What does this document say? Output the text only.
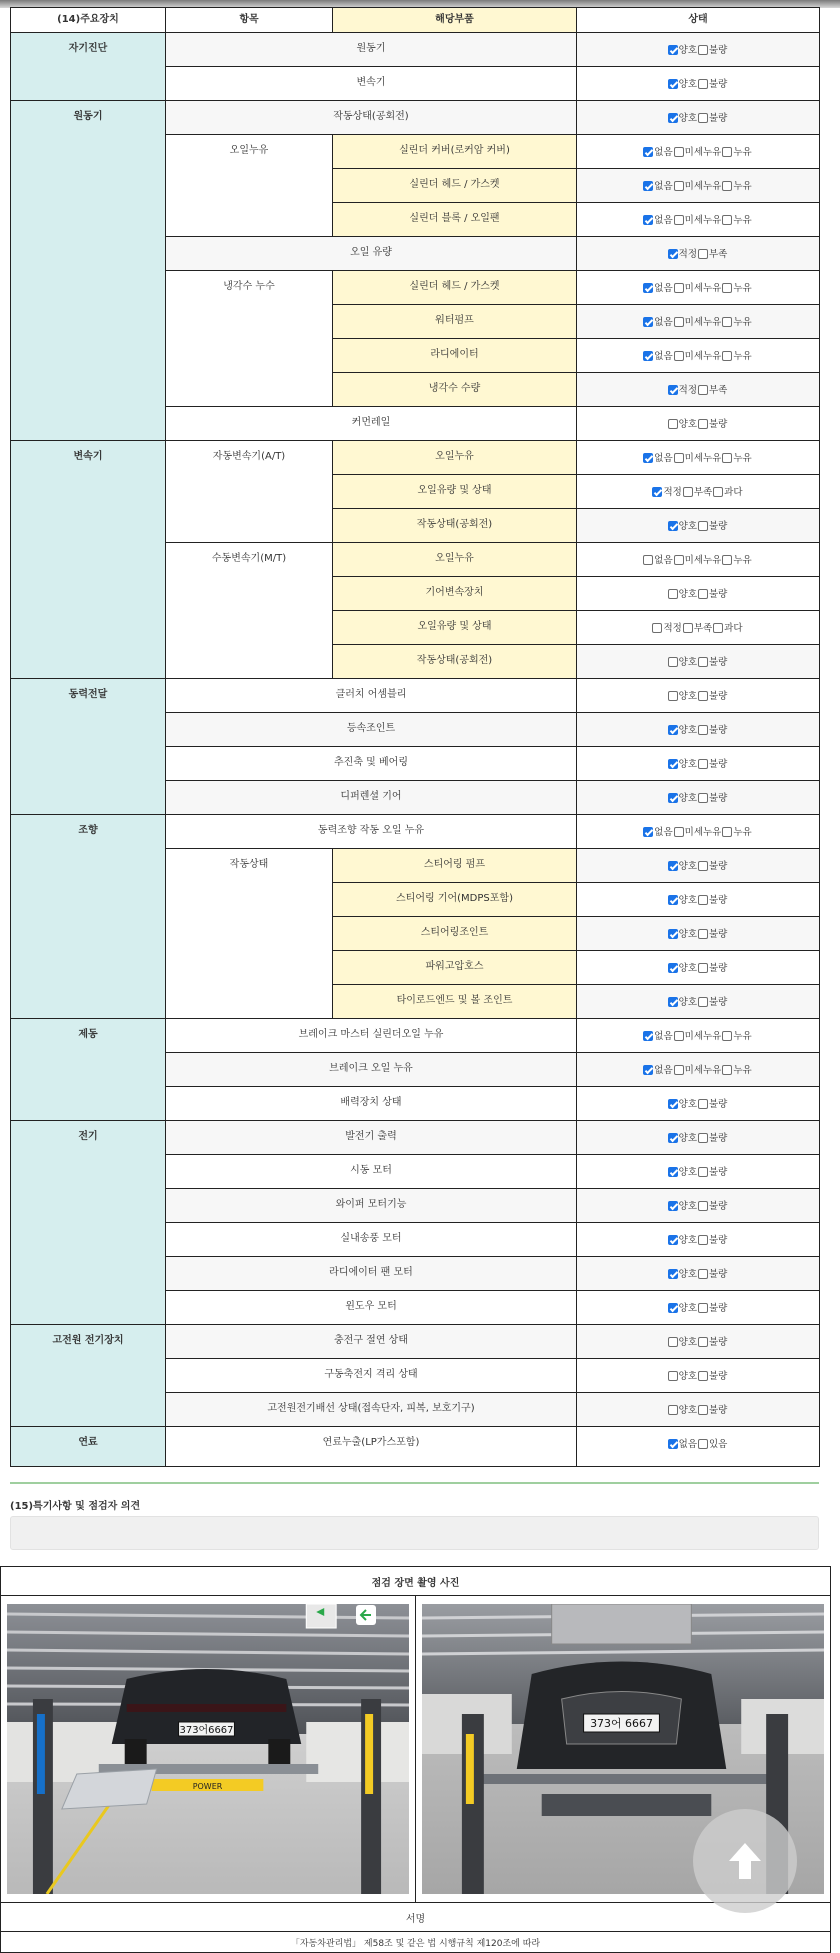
(14)주요장치	항목	해당부품	상태
자기진단	원동기		양호 불량

	변속기		양호 불량

원동기	작동상태(공회전)		양호 불량

	오일누유	실린더 커버(로커암 커버)	없음 미세누유 누유

		실린더 헤드 / 가스켓	없음 미세누유 누유

		실린더 블록 / 오일팬	없음 미세누유 누유

	오일 유량		적정 부족

	냉각수 누수	실린더 헤드 / 가스켓	없음 미세누유 누유

		워터펌프	없음 미세누유 누유

		라디에이터	없음 미세누유 누유

		냉각수 수량	적정 부족

	커먼레일		양호 불량

변속기	자동변속기(A/T)	오일누유	없음 미세누유 누유

		오일유량 및 상태	적정 부족 과다

		작동상태(공회전)	양호 불량

	수동변속기(M/T)	오일누유	없음 미세누유 누유

		기어변속장치	양호 불량

		오일유량 및 상태	적정 부족 과다

		작동상태(공회전)	양호 불량

동력전달	클러치 어셈블리		양호 불량

	등속조인트		양호 불량

	추진축 및 베어링		양호 불량

	디퍼렌셜 기어		양호 불량

조향	동력조향 작동 오일 누유		없음 미세누유 누유

	작동상태	스티어링 펌프	양호 불량

		스티어링 기어(MDPS포함)	양호 불량

		스티어링조인트	양호 불량

		파워고압호스	양호 불량

		타이로드엔드 및 볼 조인트	양호 불량

제동	브레이크 마스터 실린더오일 누유		없음 미세누유 누유

	브레이크 오일 누유		없음 미세누유 누유

	배력장치 상태		양호 불량

전기	발전기 출력		양호 불량

	시동 모터		양호 불량

	와이퍼 모터기능		양호 불량

	실내송풍 모터		양호 불량

	라디에이터 팬 모터		양호 불량

	윈도우 모터		양호 불량

고전원 전기장치	충전구 절연 상태		양호 불량

	구동축전지 격리 상태		양호 불량

	고전원전기배선 상태(접속단자, 피복, 보호기구)		양호 불량

연료	연료누출(LP가스포함)		없음 있음
(15)특기사항 및 점검자 의견
점검 장면 촬영 사진

373어6667
POWER

373어 6667

서명
「자동차관리법」 제58조 및 같은 법 시행규칙 제120조에 따라
